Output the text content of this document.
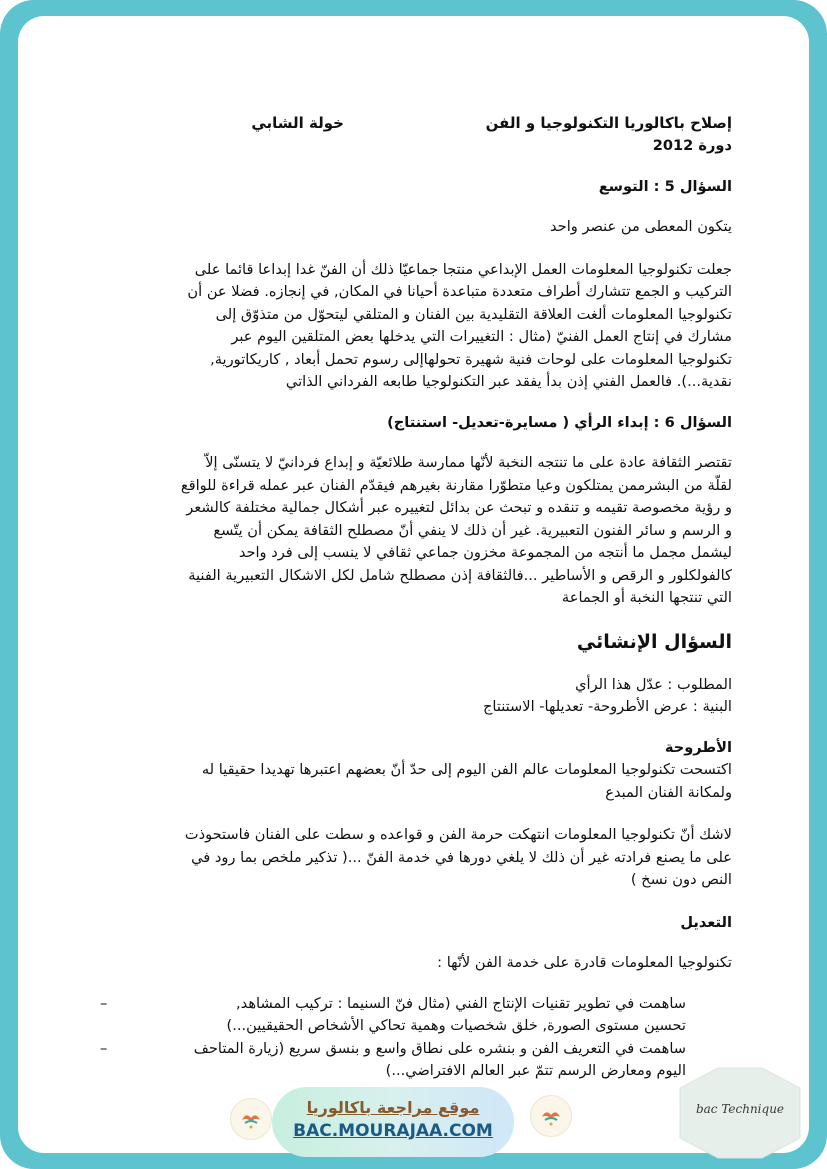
إصلاح باكالوريا التكنولوجيا و الفن
خولة الشابي

دورة 2012

السؤال 5 : التوسع

يتكون المعطى من عنصر واحد

جعلت تكنولوجيا المعلومات العمل الإبداعي منتجا جماعيّا ذلك أن الفنّ غدا إبداعا قائما على

التركيب و الجمع تتشارك أطراف متعددة متباعدة أحيانا في المكان, في إنجازه. فضلا عن أن

تكنولوجيا المعلومات ألغت العلاقة التقليدية بين الفنان و المتلقي ليتحوّل من متذوّق إلى

مشارك في إنتاج العمل الفنيّ (مثال : التغييرات التي يدخلها بعض المتلقين اليوم عبر

تكنولوجيا المعلومات على لوحات فنية شهيرة تحولهاإلى رسوم تحمل أبعاد , كاريكاتورية,

نقدية...). فالعمل الفني إذن بدأ يفقد عبر التكنولوجيا طابعه الفرداني الذاتي

السؤال 6 : إبداء الرأي ( مسايرة-تعديل- استنتاج)

تقتصر الثقافة عادة على ما تنتجه النخبة لأنّها ممارسة طلائعيّة و إبداع فردانيّ لا يتسنّى إلاّ

لقلّة من البشرممن يمتلكون وعيا متطوّرا مقارنة بغيرهم فيقدّم الفنان عبر عمله قراءة للواقع

و رؤية مخصوصة تقيمه و تنقده و تبحث عن بدائل لتغييره عبر أشكال جمالية مختلفة كالشعر

و الرسم و سائر الفنون التعبيرية. غير أن ذلك لا ينفي أنّ مصطلح الثقافة يمكن أن يتّسع

ليشمل مجمل ما أنتجه من المجموعة مخزون جماعي ثقافي لا ينسب إلى فرد واحد

كالفولكلور و الرقص و الأساطير ...فالثقافة إذن مصطلح شامل لكل الاشكال التعبيرية الفنية

التي تنتجها النخبة أو الجماعة

السؤال الإنشائي

المطلوب : عدّل هذا الرأي

البنية : عرض الأطروحة- تعديلها- الاستنتاج

الأطروحة

اكتسحت تكنولوجيا المعلومات عالم الفن اليوم إلى حدّ أنّ بعضهم اعتبرها تهديدا حقيقيا له

ولمكانة الفنان المبدع

لاشك أنّ تكنولوجيا المعلومات انتهكت حرمة الفن و قواعده و سطت على الفنان فاستحوذت

على ما يصنع فرادته غير أن ذلك لا يلغي دورها في خدمة الفنّ ...( تذكير ملخص بما رود في

النص دون نسخ )

التعديل

تكنولوجيا المعلومات قادرة على خدمة الفن لأنّها :

–	ساهمت في تطوير تقنيات الإنتاج الفني (مثال فنّ السنيما : تركيب المشاهد,

تحسين مستوى الصورة, خلق شخصيات وهمية تحاكي الأشخاص الحقيقيين...)

–	ساهمت في التعريف الفن و بنشره على نطاق واسع و بنسق سريع (زيارة المتاحف

اليوم ومعارض الرسم تتمّ عبر العالم الافتراضي...)

موقع مراجعة باكالوريا
BAC.MOURAJAA.COM
bac Technique
